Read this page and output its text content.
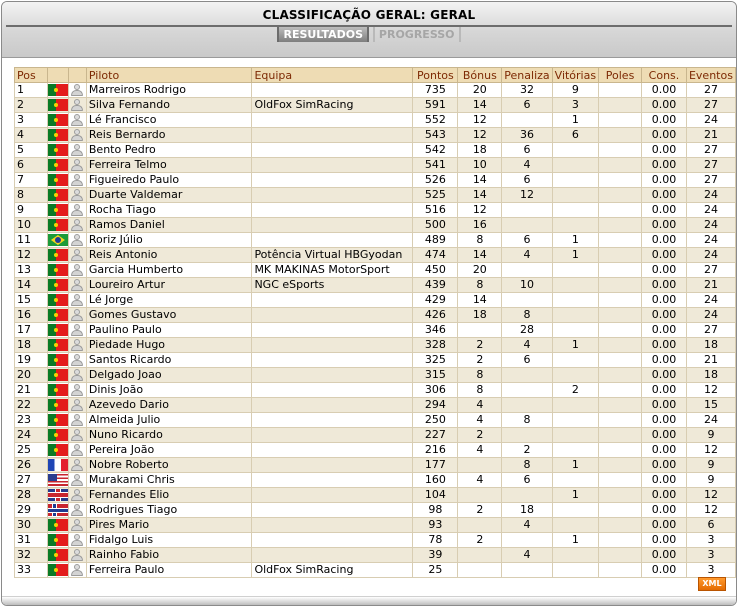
CLASSIFICAÇÃO GERAL: GERAL
RESULTADOS PROGRESSO
Pos			Piloto	Equipa	Pontos	Bónus	Penaliza	Vitórias	Poles	Cons.	Eventos
1			Marreiros Rodrigo		735	20	32	9		0.00	27
2			Silva Fernando	OldFox SimRacing	591	14	6	3		0.00	27
3			Lé Francisco		552	12		1		0.00	24
4			Reis Bernardo		543	12	36	6		0.00	21
5			Bento Pedro		542	18	6			0.00	27
6			Ferreira Telmo		541	10	4			0.00	27
7			Figueiredo Paulo		526	14	6			0.00	27
8			Duarte Valdemar		525	14	12			0.00	24
9			Rocha Tiago		516	12				0.00	24
10			Ramos Daniel		500	16				0.00	24
11			Roriz Júlio		489	8	6	1		0.00	24
12			Reis Antonio	Potência Virtual HBGyodan	474	14	4	1		0.00	24
13			Garcia Humberto	MK MAKINAS MotorSport	450	20				0.00	27
14			Loureiro Artur	NGC eSports	439	8	10			0.00	21
15			Lé Jorge		429	14				0.00	24
16			Gomes Gustavo		426	18	8			0.00	24
17			Paulino Paulo		346		28			0.00	27
18			Piedade Hugo		328	2	4	1		0.00	18
19			Santos Ricardo		325	2	6			0.00	21
20			Delgado Joao		315	8				0.00	18
21			Dinis João		306	8		2		0.00	12
22			Azevedo Dario		294	4				0.00	15
23			Almeida Julio		250	4	8			0.00	24
24			Nuno Ricardo		227	2				0.00	9
25			Pereira João		216	4	2			0.00	12
26			Nobre Roberto		177		8	1		0.00	9
27			Murakami Chris		160	4	6			0.00	9
28			Fernandes Elio		104			1		0.00	12
29			Rodrigues Tiago		98	2	18			0.00	12
30			Pires Mario		93		4			0.00	6
31			Fidalgo Luis		78	2		1		0.00	3
32			Rainho Fabio		39		4			0.00	3
33			Ferreira Paulo	OldFox SimRacing	25					0.00	3
XML
